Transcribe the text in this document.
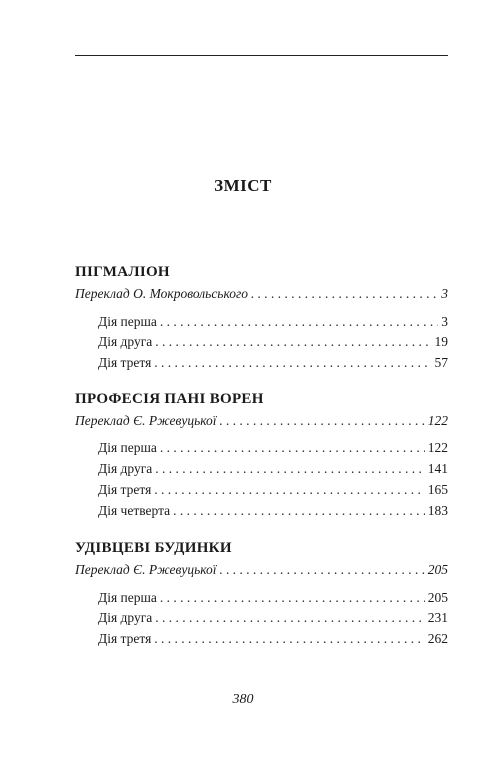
ЗМІСТ
ПІГМАЛІОН
Переклад О. Мокровольського . . .	3
Дія перша . . .	3
Дія друга . . .	19
Дія третя . . .	57
ПРОФЕСІЯ ПАНІ ВОРЕН
Переклад Є. Ржевуцької . . .	122
Дія перша . . .	122
Дія друга . . .	141
Дія третя . . .	165
Дія четверта . . .	183
УДІВЦЕВІ БУДИНКИ
Переклад Є. Ржевуцької . . .	205
Дія перша . . .	205
Дія друга . . .	231
Дія третя . . .	262
380
